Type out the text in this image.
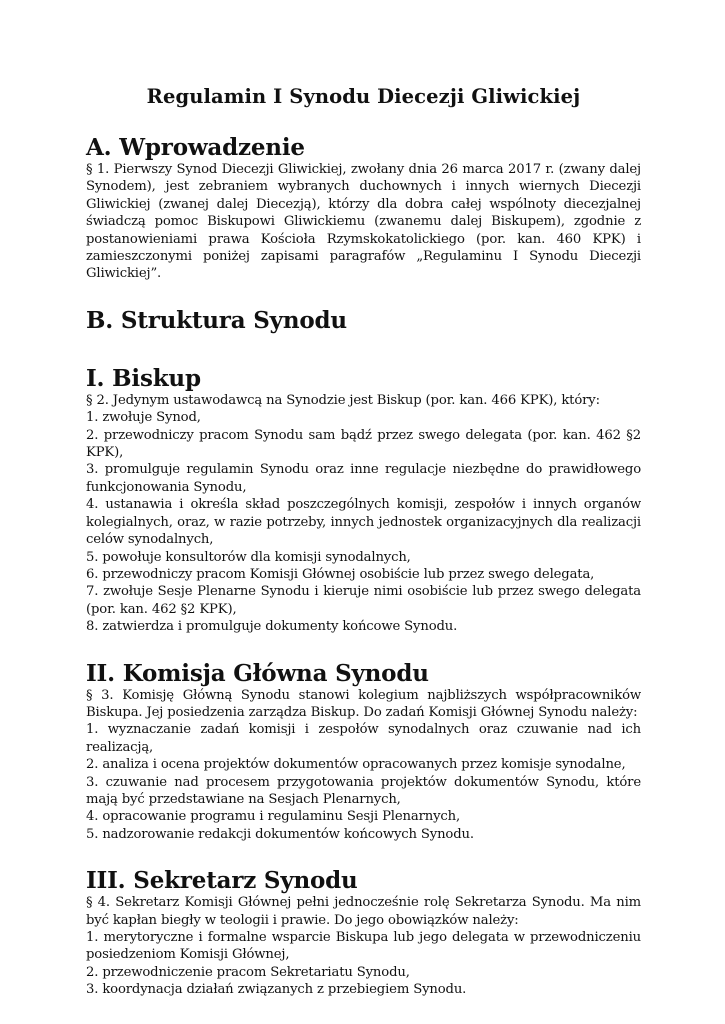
Regulamin I Synodu Diecezji Gliwickiej
A. Wprowadzenie

§ 1. Pierwszy Synod Diecezji Gliwickiej, zwołany dnia 26 marca 2017 r. (zwany dalej Synodem), jest zebraniem wybranych duchownych i innych wiernych Diecezji Gliwickiej (zwanej dalej Diecezją), którzy dla dobra całej wspólnoty diecezjalnej świadczą pomoc Biskupowi Gliwickiemu (zwanemu dalej Biskupem), zgodnie z postanowieniami prawa Kościoła Rzymskokatolickiego (por. kan. 460 KPK) i zamieszczonymi poniżej zapisami paragrafów „Regulaminu I Synodu Diecezji Gliwickiej”.

B. Struktura Synodu
I. Biskup

§ 2. Jedynym ustawodawcą na Synodzie jest Biskup (por. kan. 466 KPK), który:

1. zwołuje Synod,

2. przewodniczy pracom Synodu sam bądź przez swego delegata (por. kan. 462 §2 KPK),

3. promulguje regulamin Synodu oraz inne regulacje niezbędne do prawidłowego funkcjonowania Synodu,

4. ustanawia i określa skład poszczególnych komisji, zespołów i innych organów kolegialnych, oraz, w razie potrzeby, innych jednostek organizacyjnych dla realizacji celów synodalnych,

5. powołuje konsultorów dla komisji synodalnych,

6. przewodniczy pracom Komisji Głównej osobiście lub przez swego delegata,

7. zwołuje Sesje Plenarne Synodu i kieruje nimi osobiście lub przez swego delegata (por. kan. 462 §2 KPK),

8. zatwierdza i promulguje dokumenty końcowe Synodu.

II. Komisja Główna Synodu

§ 3. Komisję Główną Synodu stanowi kolegium najbliższych współpracowników Biskupa. Jej posiedzenia zarządza Biskup. Do zadań Komisji Głównej Synodu należy:

1. wyznaczanie zadań komisji i zespołów synodalnych oraz czuwanie nad ich realizacją,

2. analiza i ocena projektów dokumentów opracowanych przez komisje synodalne,

3. czuwanie nad procesem przygotowania projektów dokumentów Synodu, które mają być przedstawiane na Sesjach Plenarnych,

4. opracowanie programu i regulaminu Sesji Plenarnych,

5. nadzorowanie redakcji dokumentów końcowych Synodu.

III. Sekretarz Synodu

§ 4. Sekretarz Komisji Głównej pełni jednocześnie rolę Sekretarza Synodu. Ma nim być kapłan biegły w teologii i prawie. Do jego obowiązków należy:

1. merytoryczne i formalne wsparcie Biskupa lub jego delegata w przewodniczeniu posiedzeniom Komisji Głównej,

2. przewodniczenie pracom Sekretariatu Synodu,

3. koordynacja działań związanych z przebiegiem Synodu.
